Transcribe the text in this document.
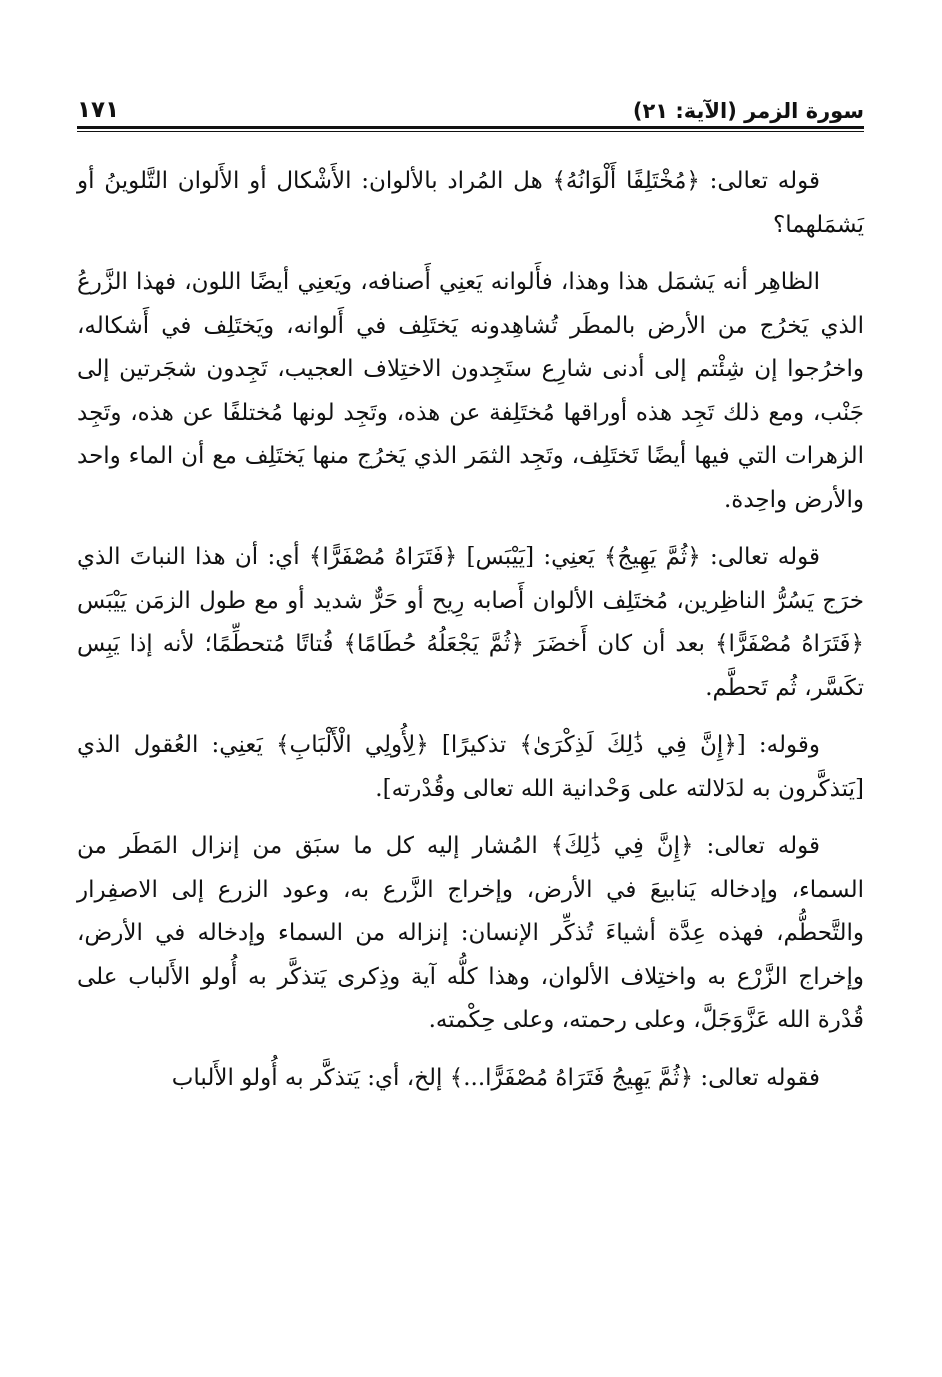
سورة الزمر (الآية: ٢١)
١٧١

قوله تعالى: ﴿مُخْتَلِفًا أَلْوَانُهُ﴾ هل المُراد بالألوان: الأَشْكال أو الأَلوان التَّلوينُ أو يَشمَلهما؟

الظاهِر أنه يَشمَل هذا وهذا، فأَلوانه يَعنِي أَصنافه، ويَعنِي أيضًا اللون، فهذا الزَّرعُ الذي يَخرُج من الأرض بالمطَر تُشاهِدونه يَختَلِف في أَلوانه، ويَختَلِف في أَشكاله، واخرُجوا إن شِئْتم إلى أدنى شارِع ستَجِدون الاختِلاف العجيب، تَجِدون شجَرتين إلى جَنْب، ومع ذلك تَجِد هذه أوراقها مُختَلِفة عن هذه، وتَجِد لونها مُختلفًا عن هذه، وتَجِد الزهرات التي فيها أيضًا تَختَلِف، وتَجِد الثمَر الذي يَخرُج منها يَختَلِف مع أن الماء واحد والأرض واحِدة.

قوله تعالى: ﴿ثُمَّ يَهِيجُ﴾ يَعنِي: [يَيْبَس] ﴿فَتَرَاهُ مُصْفَرًّا﴾ أي: أن هذا النباتَ الذي خرَج يَسُرُّ الناظِرين، مُختَلِف الألوان أَصابه رِيح أو حَرٌّ شديد أو مع طول الزمَن يَيْبَس ﴿فَتَرَاهُ مُصْفَرًّا﴾ بعد أن كان أَخضَرَ ﴿ثُمَّ يَجْعَلُهُ حُطَامًا﴾ فُتاتًا مُتحطِّمًا؛ لأنه إذا يَبِس تكَسَّر، ثُم تَحطَّم.

وقوله: [﴿إِنَّ فِي ذَٰلِكَ لَذِكْرَىٰ﴾ تذكيرًا] ﴿لِأُولِي الْأَلْبَابِ﴾ يَعنِي: العُقول الذي [يَتذكَّرون به لدَلالته على وَحْدانية الله تعالى وقُدْرته].

قوله تعالى: ﴿إِنَّ فِي ذَٰلِكَ﴾ المُشار إليه كل ما سبَق من إنزال المَطَر من السماء، وإدخاله يَنابيعَ في الأرض، وإخراج الزَّرع به، وعود الزرع إلى الاصفِرار والتَّحطُّم، فهذه عِدَّة أشياءَ تُذكِّر الإنسان: إنزاله من السماء وإدخاله في الأرض، وإخراج الزَّرْع به واختِلاف الألوان، وهذا كلُّه آية وذِكرى يَتذكَّر به أُولو الأَلباب على قُدْرة الله عَزَّوَجَلَّ، وعلى رحمته، وعلى حِكْمته.

فقوله تعالى: ﴿ثُمَّ يَهِيجُ فَتَرَاهُ مُصْفَرًّا...﴾ إلخ، أي: يَتذكَّر به أُولو الأَلباب
